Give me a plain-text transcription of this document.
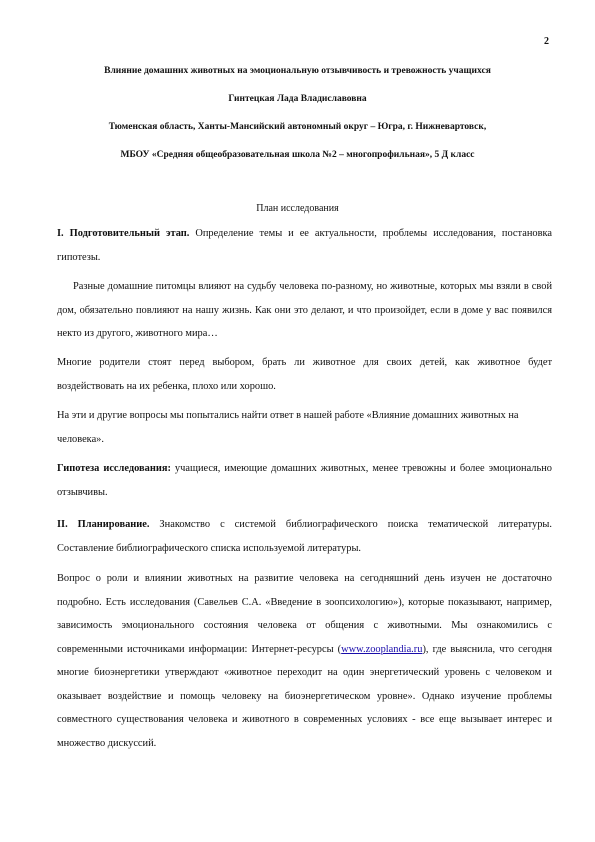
2
Влияние домашних животных на эмоциональную отзывчивость и тревожность учащихся
Гинтецкая Лада Владиславовна
Тюменская область, Ханты-Мансийский автономный округ – Югра, г. Нижневартовск,
МБОУ «Средняя общеобразовательная школа №2 – многопрофильная», 5 Д класс
План исследования

I. Подготовительный этап. Определение темы и ее актуальности, проблемы исследования, постановка гипотезы.

Разные домашние питомцы влияют на судьбу человека по-разному, но животные, которых мы взяли в свой дом, обязательно повлияют на нашу жизнь. Как они это делают, и что произойдет, если в доме у вас появился некто из другого, животного мира…

Многие родители стоят перед выбором, брать ли животное для своих детей, как животное будет воздействовать на их ребенка, плохо или хорошо.

На эти и другие вопросы мы попытались найти ответ в нашей работе «Влияние домашних животных на человека».

Гипотеза исследования: учащиеся, имеющие домашних животных, менее тревожны и более эмоционально отзывчивы.

II. Планирование. Знакомство с системой библиографического поиска тематической литературы. Составление библиографического списка используемой литературы.

Вопрос о роли и влиянии животных на развитие человека на сегодняшний день изучен не достаточно подробно. Есть исследования (Савельев С.А. «Введение в зоопсихологию»), которые показывают, например, зависимость эмоционального состояния человека от общения с животными. Мы ознакомились с современными источниками информации: Интернет-ресурсы (www.zooplandia.ru), где выяснила, что сегодня многие биоэнергетики утверждают «животное переходит на один энергетический уровень с человеком и оказывает воздействие и помощь человеку на биоэнергетическом уровне». Однако изучение проблемы совместного существования человека и животного в современных условиях - все еще вызывает интерес и множество дискуссий.
